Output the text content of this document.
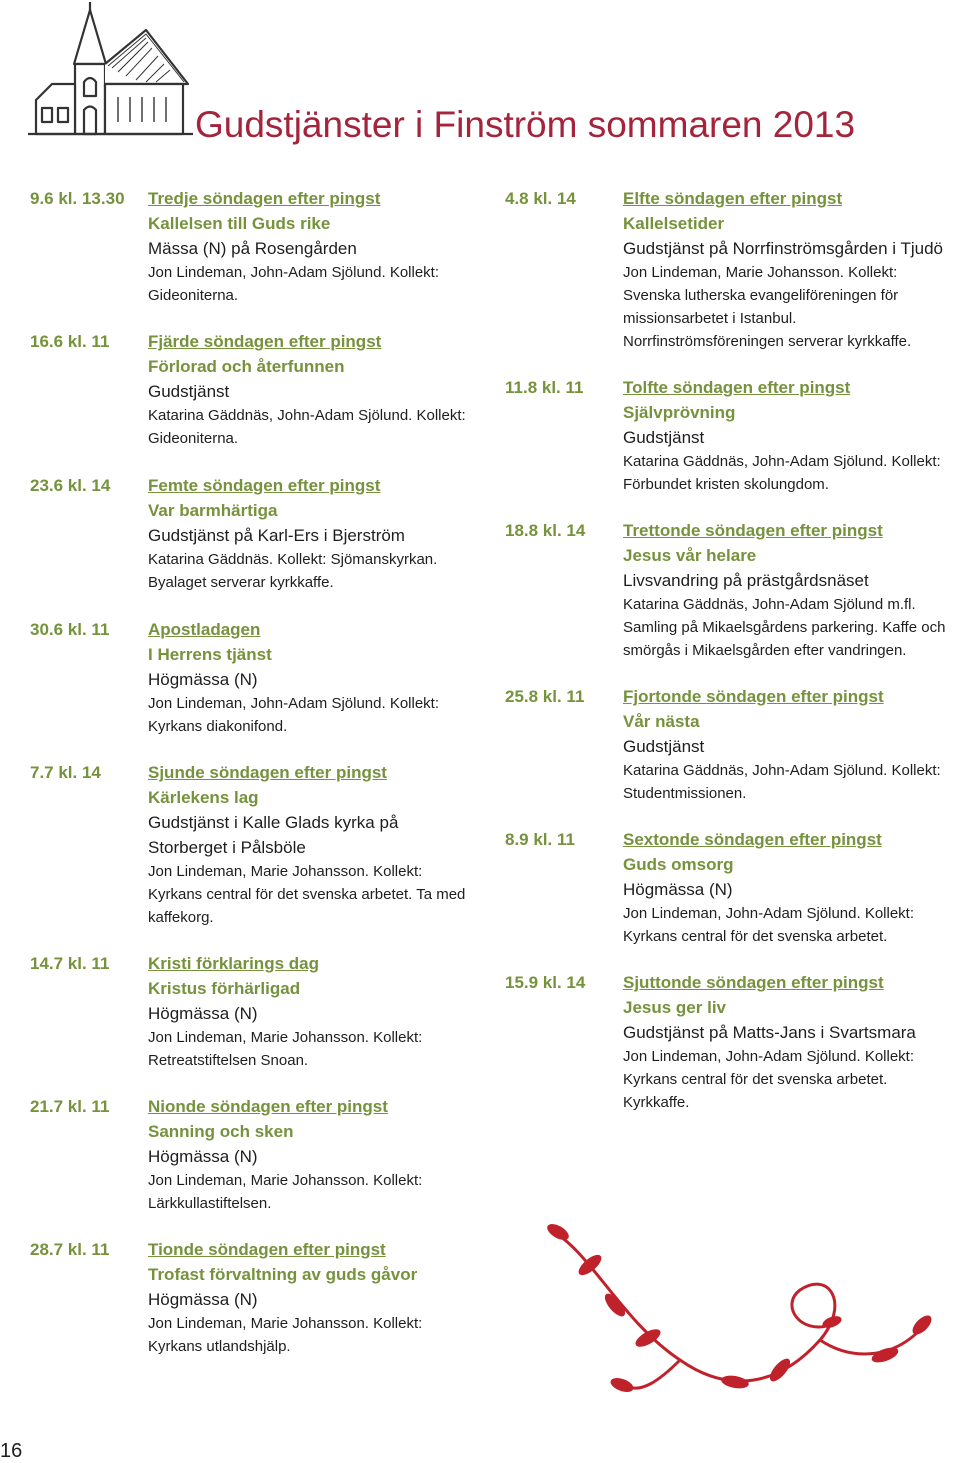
Gudstjänster i Finström sommaren 2013
9.6 kl. 13.30	Tredje söndagen efter pingst
Kallelsen till Guds rike
Mässa (N) på Rosengården
Jon Lindeman, John-Adam Sjölund. Kollekt: Gideoniterna.
16.6 kl. 11	Fjärde söndagen efter pingst
Förlorad och återfunnen
Gudstjänst
Katarina Gäddnäs, John-Adam Sjölund. Kollekt: Gideoniterna.
23.6 kl. 14	Femte söndagen efter pingst
Var barmhärtiga
Gudstjänst på Karl-Ers i Bjerström
Katarina Gäddnäs. Kollekt: Sjömanskyrkan. Byalaget serverar kyrkkaffe.
30.6 kl. 11	Apostladagen
I Herrens tjänst
Högmässa (N)
Jon Lindeman, John-Adam Sjölund. Kollekt: Kyrkans diakonifond.
7.7 kl. 14	Sjunde söndagen efter pingst
Kärlekens lag
Gudstjänst i Kalle Glads kyrka på Storberget i Pålsböle
Jon Lindeman, Marie Johansson. Kollekt: Kyrkans central för det svenska arbetet. Ta med kaffekorg.
14.7 kl. 11	Kristi förklarings dag
Kristus förhärligad
Högmässa (N)
Jon Lindeman, Marie Johansson. Kollekt: Retreatstiftelsen Snoan.
21.7 kl. 11	Nionde söndagen efter pingst
Sanning och sken
Högmässa (N)
Jon Lindeman, Marie Johansson. Kollekt: Lärkkullastiftelsen.
28.7 kl. 11	Tionde söndagen efter pingst
Trofast förvaltning av guds gåvor
Högmässa (N)
Jon Lindeman, Marie Johansson. Kollekt: Kyrkans utlandshjälp.
4.8 kl. 14	Elfte söndagen efter pingst
Kallelsetider
Gudstjänst på Norrfinströmsgården i Tjudö
Jon Lindeman, Marie Johansson. Kollekt: Svenska lutherska evangeliföreningen för missionsarbetet i Istanbul. Norrfinströmsföreningen serverar kyrkkaffe.
11.8 kl. 11	Tolfte söndagen efter pingst
Självprövning
Gudstjänst
Katarina Gäddnäs, John-Adam Sjölund. Kollekt: Förbundet kristen skolungdom.
18.8 kl. 14	Trettonde söndagen efter pingst
Jesus vår helare
Livsvandring på prästgårdsnäset
Katarina Gäddnäs, John-Adam Sjölund m.fl. Samling på Mikaelsgårdens parkering. Kaffe och smörgås i Mikaelsgården efter vandringen.
25.8 kl. 11	Fjortonde söndagen efter pingst
Vår nästa
Gudstjänst
Katarina Gäddnäs, John-Adam Sjölund. Kollekt: Studentmissionen.
8.9 kl. 11	Sextonde söndagen efter pingst
Guds omsorg
Högmässa (N)
Jon Lindeman, John-Adam Sjölund. Kollekt: Kyrkans central för det svenska arbetet.
15.9 kl. 14	Sjuttonde söndagen efter pingst
Jesus ger liv
Gudstjänst på Matts-Jans i Svartsmara
Jon Lindeman, John-Adam Sjölund. Kollekt: Kyrkans central för det svenska arbetet. Kyrkkaffe.
16
